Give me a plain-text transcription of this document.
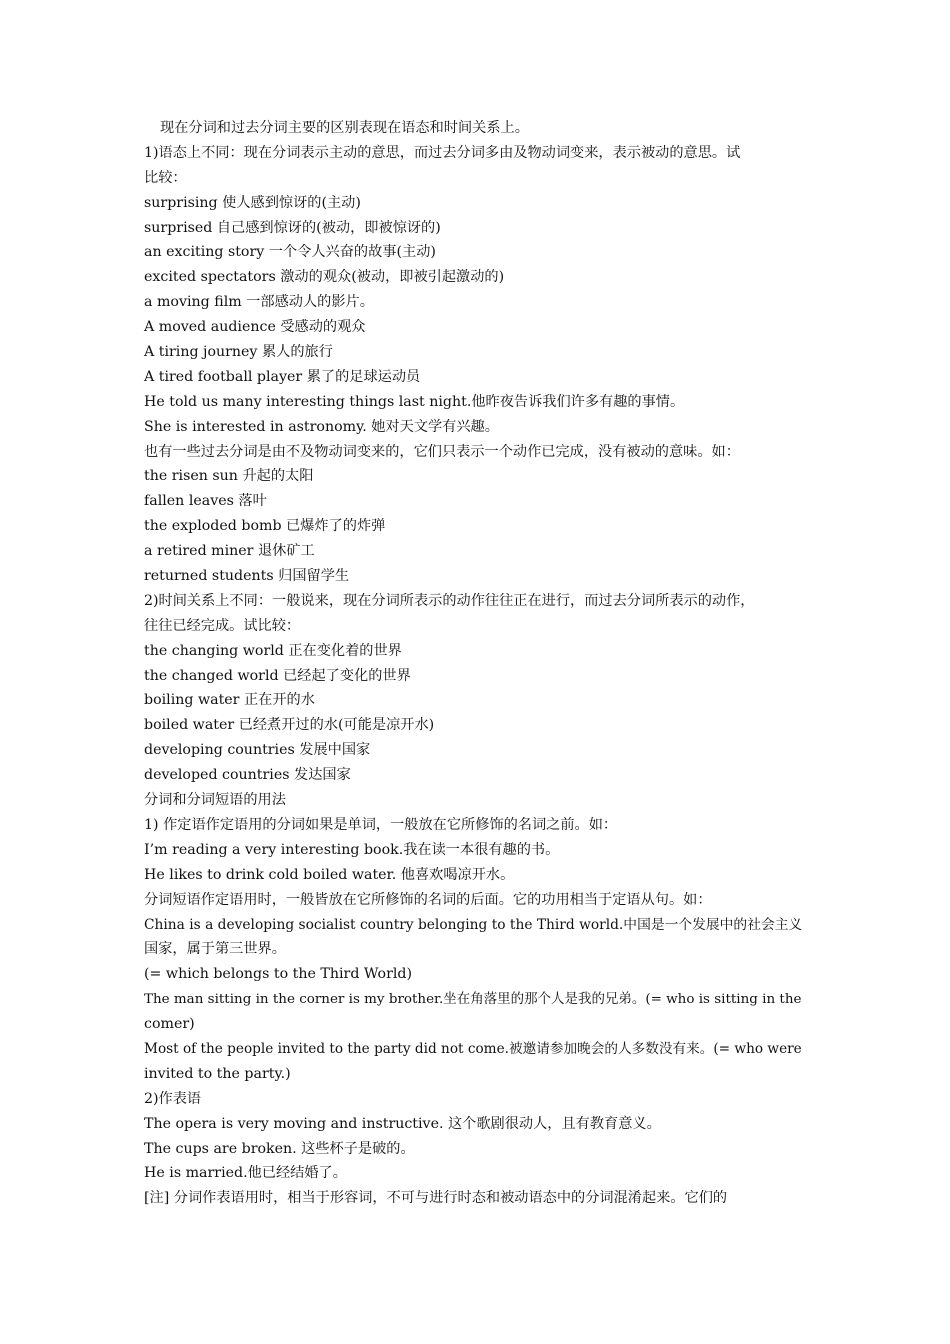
现在分词和过去分词主要的区别表现在语态和时间关系上。
1)语态上不同：现在分词表示主动的意思，而过去分词多由及物动词变来，表示被动的意思。试
比较：
surprising 使人感到惊讶的(主动)
surprised 自己感到惊讶的(被动，即被惊讶的)
an exciting story 一个令人兴奋的故事(主动)
excited spectators 激动的观众(被动，即被引起激动的)
a moving film 一部感动人的影片。
A moved audience 受感动的观众
A tiring journey 累人的旅行
A tired football player 累了的足球运动员
He told us many interesting things last night.他昨夜告诉我们许多有趣的事情。
She is interested in astronomy. 她对天文学有兴趣。
也有一些过去分词是由不及物动词变来的，它们只表示一个动作已完成，没有被动的意味。如：
the risen sun 升起的太阳
fallen leaves 落叶
the exploded bomb 已爆炸了的炸弹
a retired miner 退休矿工
returned students 归国留学生
2)时间关系上不同：一般说来，现在分词所表示的动作往往正在进行，而过去分词所表示的动作，
往往已经完成。试比较：
the changing world 正在变化着的世界
the changed world 已经起了变化的世界
boiling water 正在开的水
boiled water 已经煮开过的水(可能是凉开水)
developing countries 发展中国家
developed countries 发达国家
分词和分词短语的用法
1) 作定语作定语用的分词如果是单词，一般放在它所修饰的名词之前。如：
I’m reading a very interesting book.我在读一本很有趣的书。
He likes to drink cold boiled water. 他喜欢喝凉开水。
分词短语作定语用时，一般皆放在它所修饰的名词的后面。它的功用相当于定语从句。如：
China is a developing socialist country belonging to the Third world.中国是一个发展中的社会主义
国家，属于第三世界。
(= which belongs to the Third World)
The man sitting in the corner is my brother.坐在角落里的那个人是我的兄弟。(= who is sitting in the
comer)
Most of the people invited to the party did not come.被邀请参加晚会的人多数没有来。(= who were
invited to the party.)
2)作表语
The opera is very moving and instructive. 这个歌剧很动人，且有教育意义。
The cups are broken. 这些杯子是破的。
He is married.他已经结婚了。
[注] 分词作表语用时，相当于形容词，不可与进行时态和被动语态中的分词混淆起来。它们的
